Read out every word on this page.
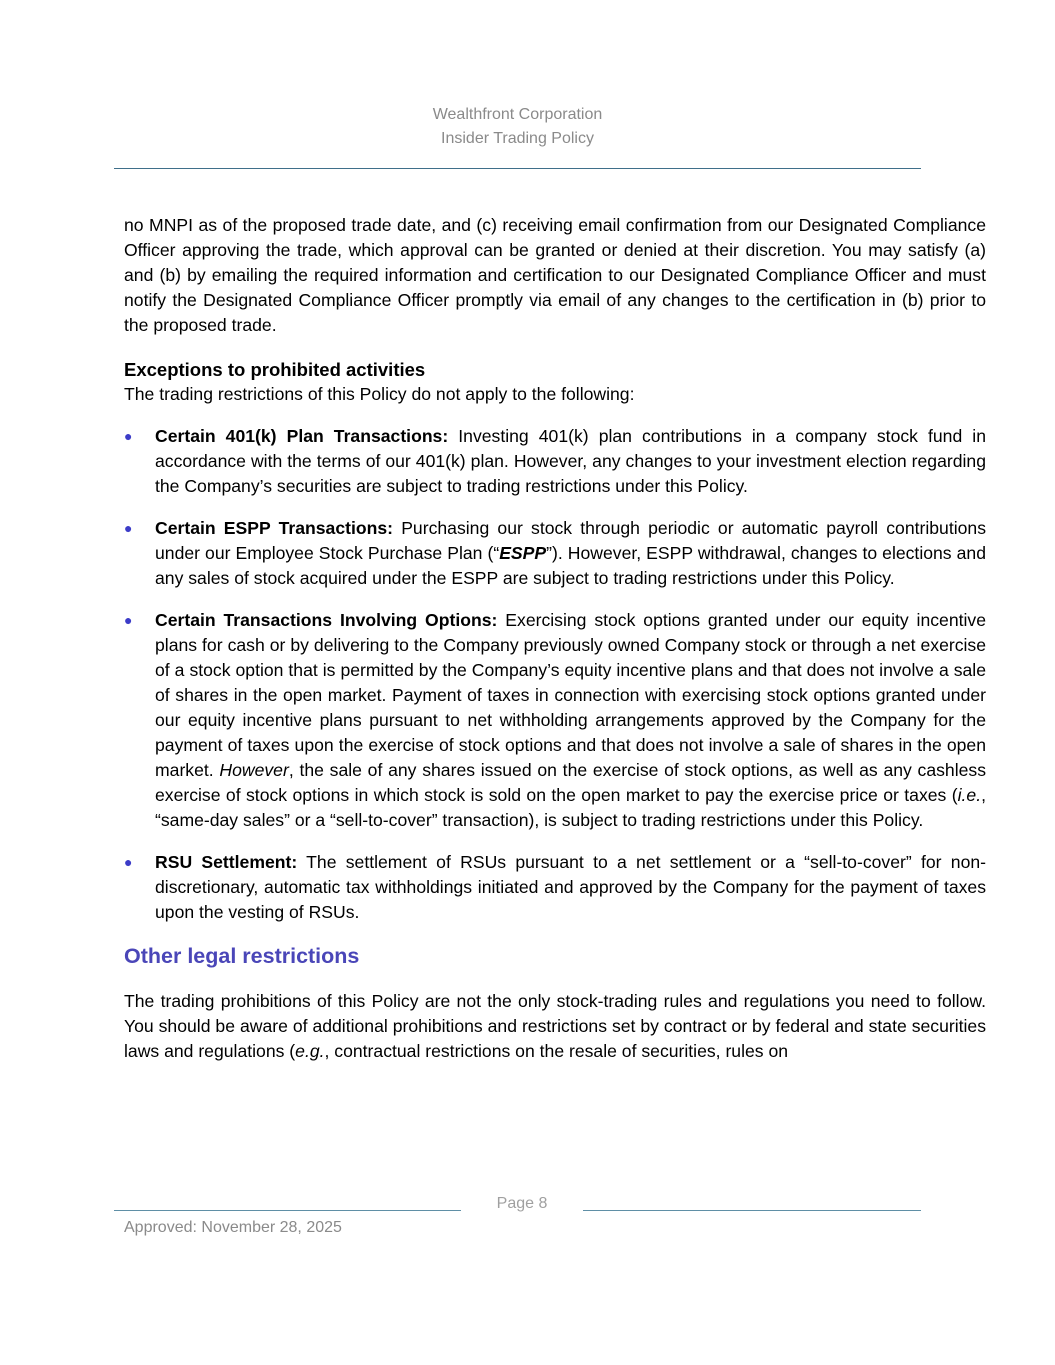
Wealthfront Corporation
Insider Trading Policy

no MNPI as of the proposed trade date, and (c) receiving email confirmation from our Designated Compliance Officer approving the trade, which approval can be granted or denied at their discretion. You may satisfy (a) and (b) by emailing the required information and certification to our Designated Compliance Officer and must notify the Designated Compliance Officer promptly via email of any changes to the certification in (b) prior to the proposed trade.

Exceptions to prohibited activities

The trading restrictions of this Policy do not apply to the following:

● Certain 401(k) Plan Transactions: Investing 401(k) plan contributions in a company stock fund in accordance with the terms of our 401(k) plan. However, any changes to your investment election regarding the Company’s securities are subject to trading restrictions under this Policy.
● Certain ESPP Transactions: Purchasing our stock through periodic or automatic payroll contributions under our Employee Stock Purchase Plan (“ESPP”). However, ESPP withdrawal, changes to elections and any sales of stock acquired under the ESPP are subject to trading restrictions under this Policy.
● Certain Transactions Involving Options: Exercising stock options granted under our equity incentive plans for cash or by delivering to the Company previously owned Company stock or through a net exercise of a stock option that is permitted by the Company’s equity incentive plans and that does not involve a sale of shares in the open market. Payment of taxes in connection with exercising stock options granted under our equity incentive plans pursuant to net withholding arrangements approved by the Company for the payment of taxes upon the exercise of stock options and that does not involve a sale of shares in the open market. However, the sale of any shares issued on the exercise of stock options, as well as any cashless exercise of stock options in which stock is sold on the open market to pay the exercise price or taxes (i.e., “same-day sales” or a “sell-to-cover” transaction), is subject to trading restrictions under this Policy.
● RSU Settlement: The settlement of RSUs pursuant to a net settlement or a “sell-to-cover” for non-discretionary, automatic tax withholdings initiated and approved by the Company for the payment of taxes upon the vesting of RSUs.
Other legal restrictions

The trading prohibitions of this Policy are not the only stock-trading rules and regulations you need to follow. You should be aware of additional prohibitions and restrictions set by contract or by federal and state securities laws and regulations (e.g., contractual restrictions on the resale of securities, rules on

Page 8
Approved: November 28, 2025
